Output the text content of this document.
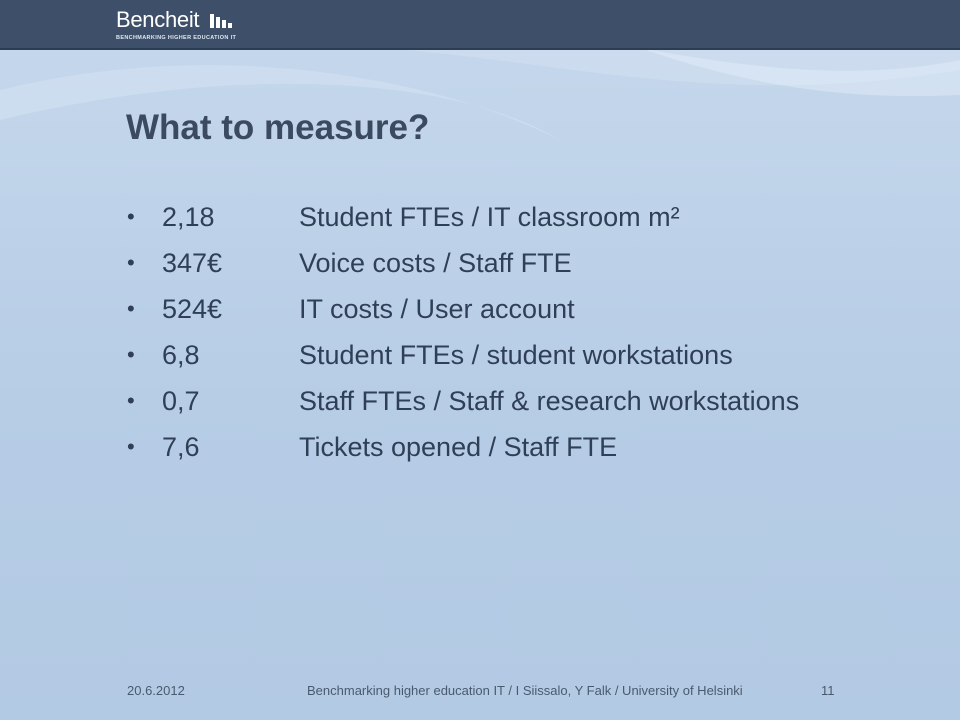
Bencheit
BENCHMARKING HIGHER EDUCATION IT
What to measure?
• 2,18	Student FTEs / IT classroom m²
• 347€	Voice costs / Staff FTE
• 524€	IT costs / User account
• 6,8	Student FTEs / student workstations
• 0,7	Staff FTEs / Staff & research workstations
• 7,6	Tickets opened / Staff FTE
20.6.2012	Benchmarking higher education IT / I Siissalo, Y Falk / University of Helsinki	11
